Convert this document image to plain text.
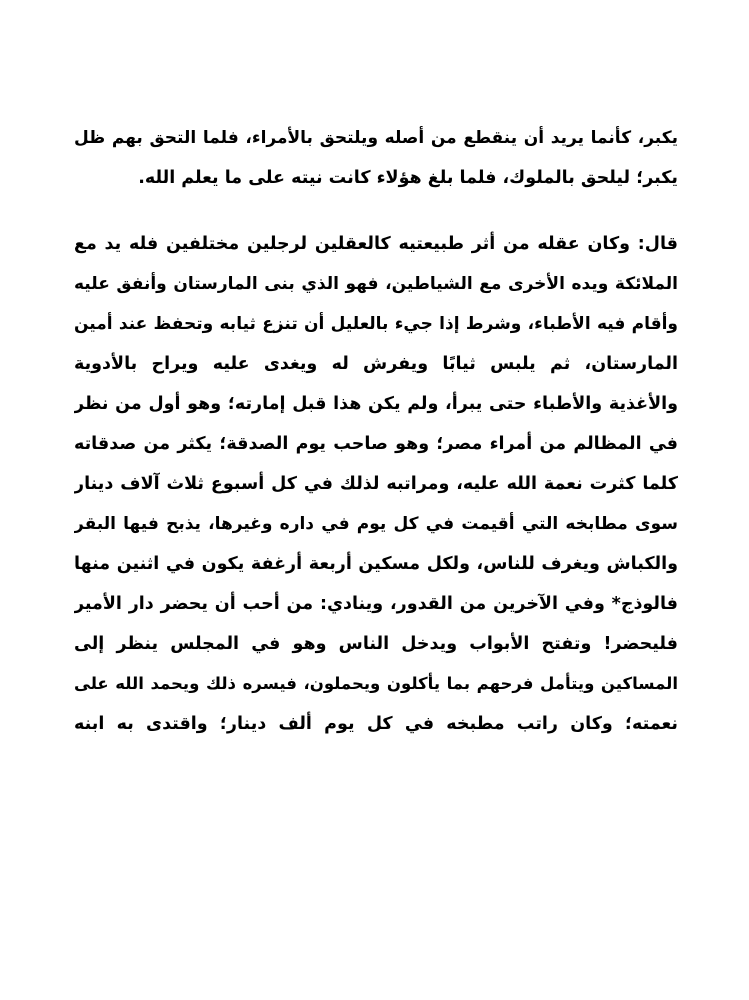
يكبر، كأنما يريد أن ينقطع من أصله ويلتحق بالأمراء، فلما التحق بهم ظل
يكبر؛ ليلحق بالملوك، فلما بلغ هؤلاء كانت نيته على ما يعلم الله.
قال: وكان عقله من أثر طبيعتيه كالعقلين لرجلين مختلفين فله يد مع
الملائكة ويده الأخرى مع الشياطين، فهو الذي بنى المارستان وأنفق عليه
وأقام فيه الأطباء، وشرط إذا جيء بالعليل أن تنزع ثيابه وتحفظ عند أمين
المارستان، ثم يلبس ثيابًا ويفرش له ويغدى عليه ويراح بالأدوية
والأغذية والأطباء حتى يبرأ، ولم يكن هذا قبل إمارته؛ وهو أول من نظر
في المظالم من أمراء مصر؛ وهو صاحب يوم الصدقة؛ يكثر من صدقاته
كلما كثرت نعمة الله عليه، ومراتبه لذلك في كل أسبوع ثلاث آلاف دينار
سوى مطابخه التي أقيمت في كل يوم في داره وغيرها، يذبح فيها البقر
والكباش ويغرف للناس، ولكل مسكين أربعة أرغفة يكون في اثنين منها
فالوذج* وفي الآخرين من القدور، وينادي: من أحب أن يحضر دار الأمير
فليحضر! وتفتح الأبواب ويدخل الناس وهو في المجلس ينظر إلى
المساكين ويتأمل فرحهم بما يأكلون ويحملون، فيسره ذلك ويحمد الله على
نعمته؛ وكان راتب مطبخه في كل يوم ألف دينار؛ واقتدى به ابنه
